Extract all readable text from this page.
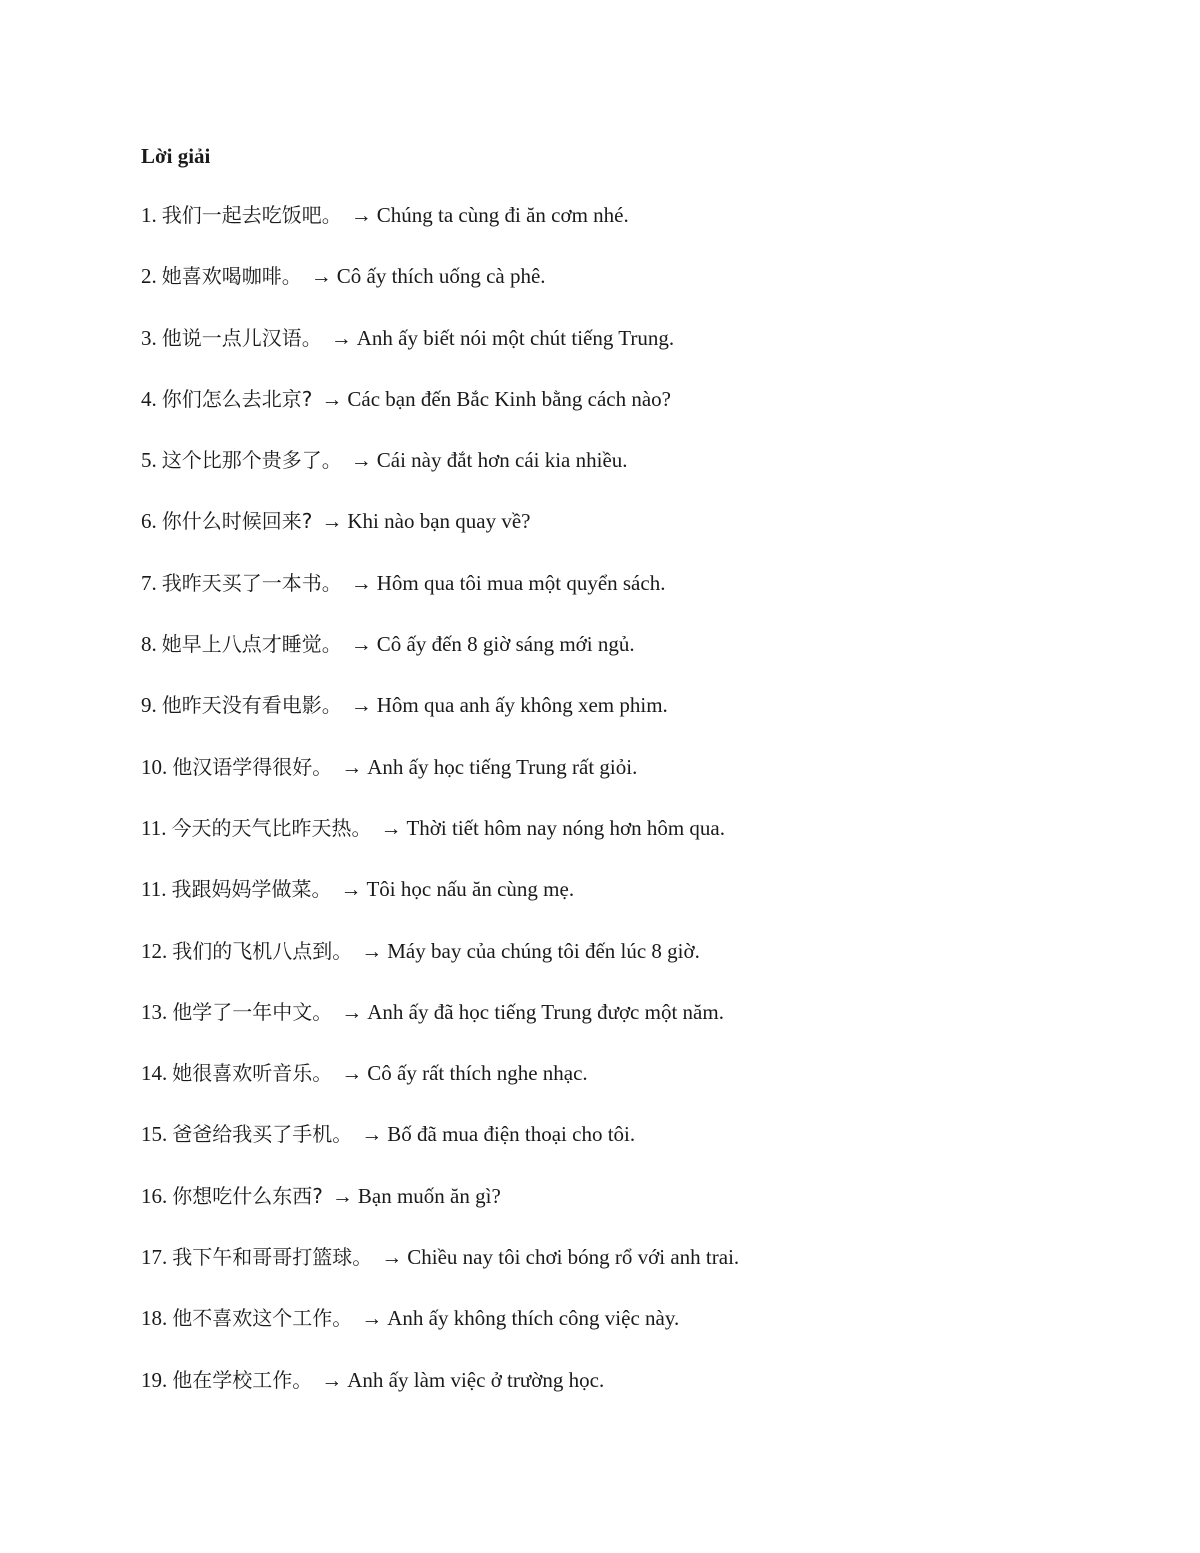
Lời giải
1. 我们一起去吃饭吧。 → Chúng ta cùng đi ăn cơm nhé.
2. 她喜欢喝咖啡。 → Cô ấy thích uống cà phê.
3. 他说一点儿汉语。 → Anh ấy biết nói một chút tiếng Trung.
4. 你们怎么去北京? → Các bạn đến Bắc Kinh bằng cách nào?
5. 这个比那个贵多了。 → Cái này đắt hơn cái kia nhiều.
6. 你什么时候回来? → Khi nào bạn quay về?
7. 我昨天买了一本书。 → Hôm qua tôi mua một quyển sách.
8. 她早上八点才睡觉。 → Cô ấy đến 8 giờ sáng mới ngủ.
9. 他昨天没有看电影。 → Hôm qua anh ấy không xem phim.
10. 他汉语学得很好。 → Anh ấy học tiếng Trung rất giỏi.
11. 今天的天气比昨天热。 → Thời tiết hôm nay nóng hơn hôm qua.
11. 我跟妈妈学做菜。 → Tôi học nấu ăn cùng mẹ.
12. 我们的飞机八点到。 → Máy bay của chúng tôi đến lúc 8 giờ.
13. 他学了一年中文。 → Anh ấy đã học tiếng Trung được một năm.
14. 她很喜欢听音乐。 → Cô ấy rất thích nghe nhạc.
15. 爸爸给我买了手机。 → Bố đã mua điện thoại cho tôi.
16. 你想吃什么东西? → Bạn muốn ăn gì?
17. 我下午和哥哥打篮球。 → Chiều nay tôi chơi bóng rổ với anh trai.
18. 他不喜欢这个工作。 → Anh ấy không thích công việc này.
19. 他在学校工作。 → Anh ấy làm việc ở trường học.
